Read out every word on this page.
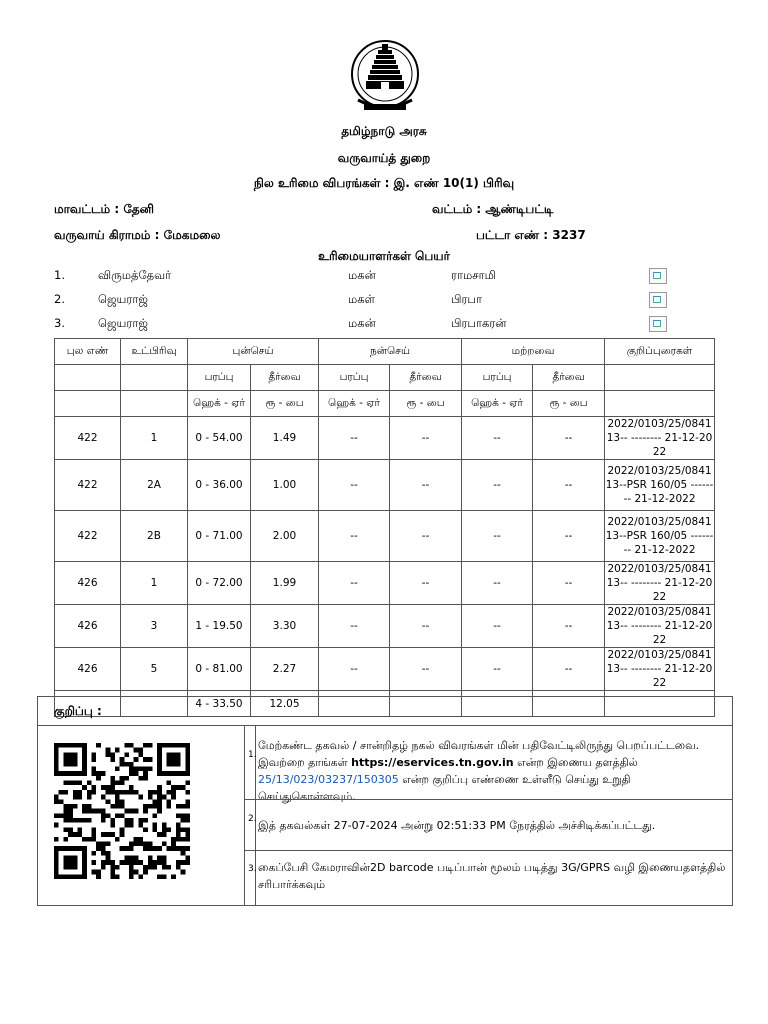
தமிழ்நாடு அரசு
வருவாய்த் துறை
நில உரிமை விபரங்கள் : இ. எண் 10(1) பிரிவு
மாவட்டம் : தேனி	வட்டம் : ஆண்டிபட்டி
வருவாய் கிராமம் : மேகமலை	பட்டா எண் : 3237
உரிமையாளர்கள் பெயர்
1.	விருமத்தேவர்	மகன்	ராமசாமி
2.	ஜெயராஜ்	மகள்	பிரபா
3.	ஜெயராஜ்	மகன்	பிரபாகரன்
புல எண்	உட்பிரிவு	புன்செய்		நன்செய்		மற்றவை		குறிப்புரைகள்
		பரப்பு	தீர்வை	பரப்பு	தீர்வை	பரப்பு	தீர்வை	
		ஹெக் - ஏர்	ரூ - பை	ஹெக் - ஏர்	ரூ - பை	ஹெக் - ஏர்	ரூ - பை	
422	1	0 - 54.00	1.49	--	--	--	--	2022/0103/25/084113-- -------- 21-12-2022
422	2A	0 - 36.00	1.00	--	--	--	--	2022/0103/25/084113--PSR 160/05 -------- 21-12-2022
422	2B	0 - 71.00	2.00	--	--	--	--	2022/0103/25/084113--PSR 160/05 -------- 21-12-2022
426	1	0 - 72.00	1.99	--	--	--	--	2022/0103/25/084113-- -------- 21-12-2022
426	3	1 - 19.50	3.30	--	--	--	--	2022/0103/25/084113-- -------- 21-12-2022
426	5	0 - 81.00	2.27	--	--	--	--	2022/0103/25/084113-- -------- 21-12-2022
		4 - 33.50	12.05					
குறிப்பு :
1.
மேற்கண்ட தகவல் / சான்றிதழ் நகல் விவரங்கள் மின் பதிவேட்டிலிருந்து பெறப்பட்டவை. இவற்றை தாங்கள் https://eservices.tn.gov.in என்ற இணைய தளத்தில் 25/13/023/03237/150305 என்ற குறிப்பு எண்ணை உள்ளீடு செய்து உறுதி செய்துகொள்ளவும்.
2. இத் தகவல்கள் 27-07-2024 அன்று 02:51:33 PM நேரத்தில் அச்சிடிக்கப்பட்டது.
3. கைப்பேசி கேமராவின்2D barcode படிப்பான் மூலம் படித்து 3G/GPRS வழி இணையதளத்தில் சரிபார்க்கவும்
